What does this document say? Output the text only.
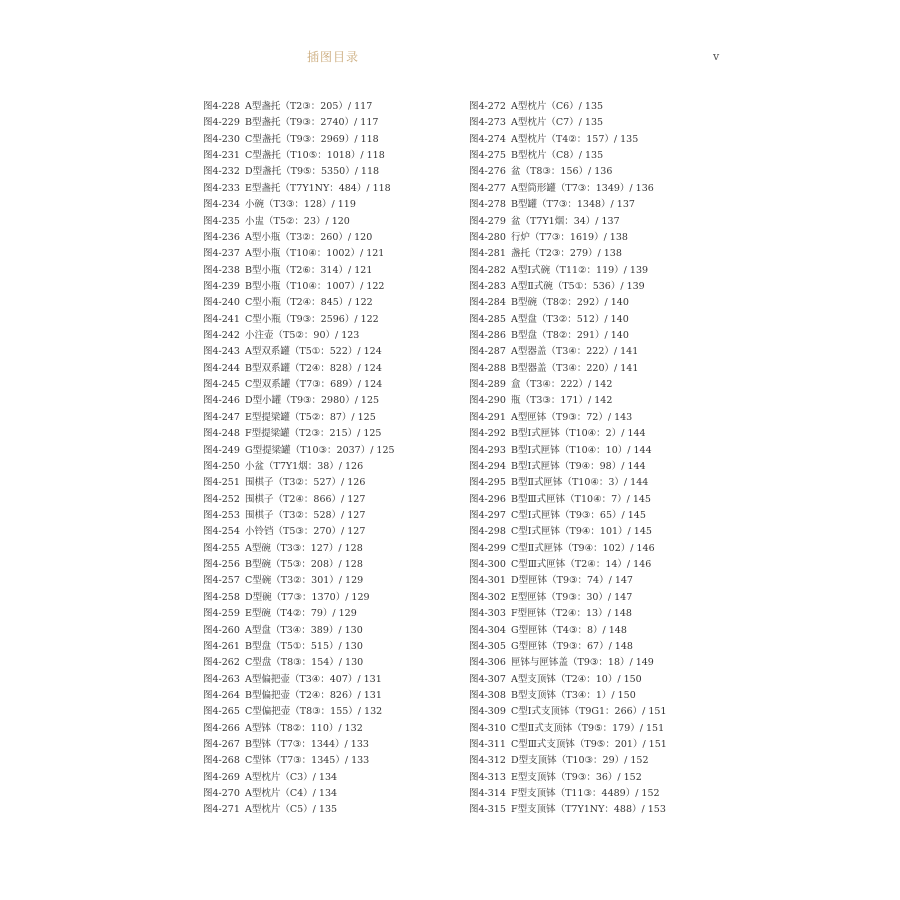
插图目录	v
图4-228 A型盏托（T2③：205）/ 117
图4-229 B型盏托（T9③：2740）/ 117
图4-230 C型盏托（T9③：2969）/ 118
图4-231 C型盏托（T10⑤：1018）/ 118
图4-232 D型盏托（T9⑤：5350）/ 118
图4-233 E型盏托（T7Y1NY：484）/ 118
图4-234 小碗（T3③：128）/ 119
图4-235 小盅（T5②：23）/ 120
图4-236 A型小瓶（T3②：260）/ 120
图4-237 A型小瓶（T10④：1002）/ 121
图4-238 B型小瓶（T2⑥：314）/ 121
图4-239 B型小瓶（T10④：1007）/ 122
图4-240 C型小瓶（T2④：845）/ 122
图4-241 C型小瓶（T9③：2596）/ 122
图4-242 小注壶（T5②：90）/ 123
图4-243 A型双系罐（T5①：522）/ 124
图4-244 B型双系罐（T2④：828）/ 124
图4-245 C型双系罐（T7③：689）/ 124
图4-246 D型小罐（T9③：2980）/ 125
图4-247 E型提梁罐（T5②：87）/ 125
图4-248 F型提梁罐（T2③：215）/ 125
图4-249 G型提梁罐（T10③：2037）/ 125
图4-250 小盆（T7Y1烟：38）/ 126
图4-251 围棋子（T3②：527）/ 126
图4-252 围棋子（T2④：866）/ 127
图4-253 围棋子（T3②：528）/ 127
图4-254 小铃铛（T5③：270）/ 127
图4-255 A型碗（T3③：127）/ 128
图4-256 B型碗（T5③：208）/ 128
图4-257 C型碗（T3②：301）/ 129
图4-258 D型碗（T7③：1370）/ 129
图4-259 E型碗（T4②：79）/ 129
图4-260 A型盘（T3④：389）/ 130
图4-261 B型盘（T5①：515）/ 130
图4-262 C型盘（T8③：154）/ 130
图4-263 A型偏把壶（T3④：407）/ 131
图4-264 B型偏把壶（T2④：826）/ 131
图4-265 C型偏把壶（T8③：155）/ 132
图4-266 A型钵（T8②：110）/ 132
图4-267 B型钵（T7③：1344）/ 133
图4-268 C型钵（T7③：1345）/ 133
图4-269 A型枕片（C3）/ 134
图4-270 A型枕片（C4）/ 134
图4-271 A型枕片（C5）/ 135
图4-272 A型枕片（C6）/ 135
图4-273 A型枕片（C7）/ 135
图4-274 A型枕片（T4②：157）/ 135
图4-275 B型枕片（C8）/ 135
图4-276 盆（T8③：156）/ 136
图4-277 A型筒形罐（T7③：1349）/ 136
图4-278 B型罐（T7③：1348）/ 137
图4-279 盆（T7Y1烟：34）/ 137
图4-280 行炉（T7③：1619）/ 138
图4-281 盏托（T2③：279）/ 138
图4-282 A型Ⅰ式碗（T11②：119）/ 139
图4-283 A型Ⅱ式碗（T5①：536）/ 139
图4-284 B型碗（T8②：292）/ 140
图4-285 A型盘（T3②：512）/ 140
图4-286 B型盘（T8②：291）/ 140
图4-287 A型器盖（T3④：222）/ 141
图4-288 B型器盖（T3④：220）/ 141
图4-289 盒（T3④：222）/ 142
图4-290 瓶（T3③：171）/ 142
图4-291 A型匣钵（T9③：72）/ 143
图4-292 B型Ⅰ式匣钵（T10④：2）/ 144
图4-293 B型Ⅰ式匣钵（T10④：10）/ 144
图4-294 B型Ⅰ式匣钵（T9④：98）/ 144
图4-295 B型Ⅱ式匣钵（T10④：3）/ 144
图4-296 B型Ⅲ式匣钵（T10④：7）/ 145
图4-297 C型Ⅰ式匣钵（T9③：65）/ 145
图4-298 C型Ⅰ式匣钵（T9④：101）/ 145
图4-299 C型Ⅱ式匣钵（T9④：102）/ 146
图4-300 C型Ⅲ式匣钵（T2④：14）/ 146
图4-301 D型匣钵（T9③：74）/ 147
图4-302 E型匣钵（T9③：30）/ 147
图4-303 F型匣钵（T2④：13）/ 148
图4-304 G型匣钵（T4③：8）/ 148
图4-305 G型匣钵（T9③：67）/ 148
图4-306 匣钵与匣钵盖（T9③：18）/ 149
图4-307 A型支顶钵（T2④：10）/ 150
图4-308 B型支顶钵（T3④：1）/ 150
图4-309 C型Ⅰ式支顶钵（T9G1：266）/ 151
图4-310 C型Ⅱ式支顶钵（T9⑤：179）/ 151
图4-311 C型Ⅲ式支顶钵（T9⑤：201）/ 151
图4-312 D型支顶钵（T10③：29）/ 152
图4-313 E型支顶钵（T9③：36）/ 152
图4-314 F型支顶钵（T11③：4489）/ 152
图4-315 F型支顶钵（T7Y1NY：488）/ 153
